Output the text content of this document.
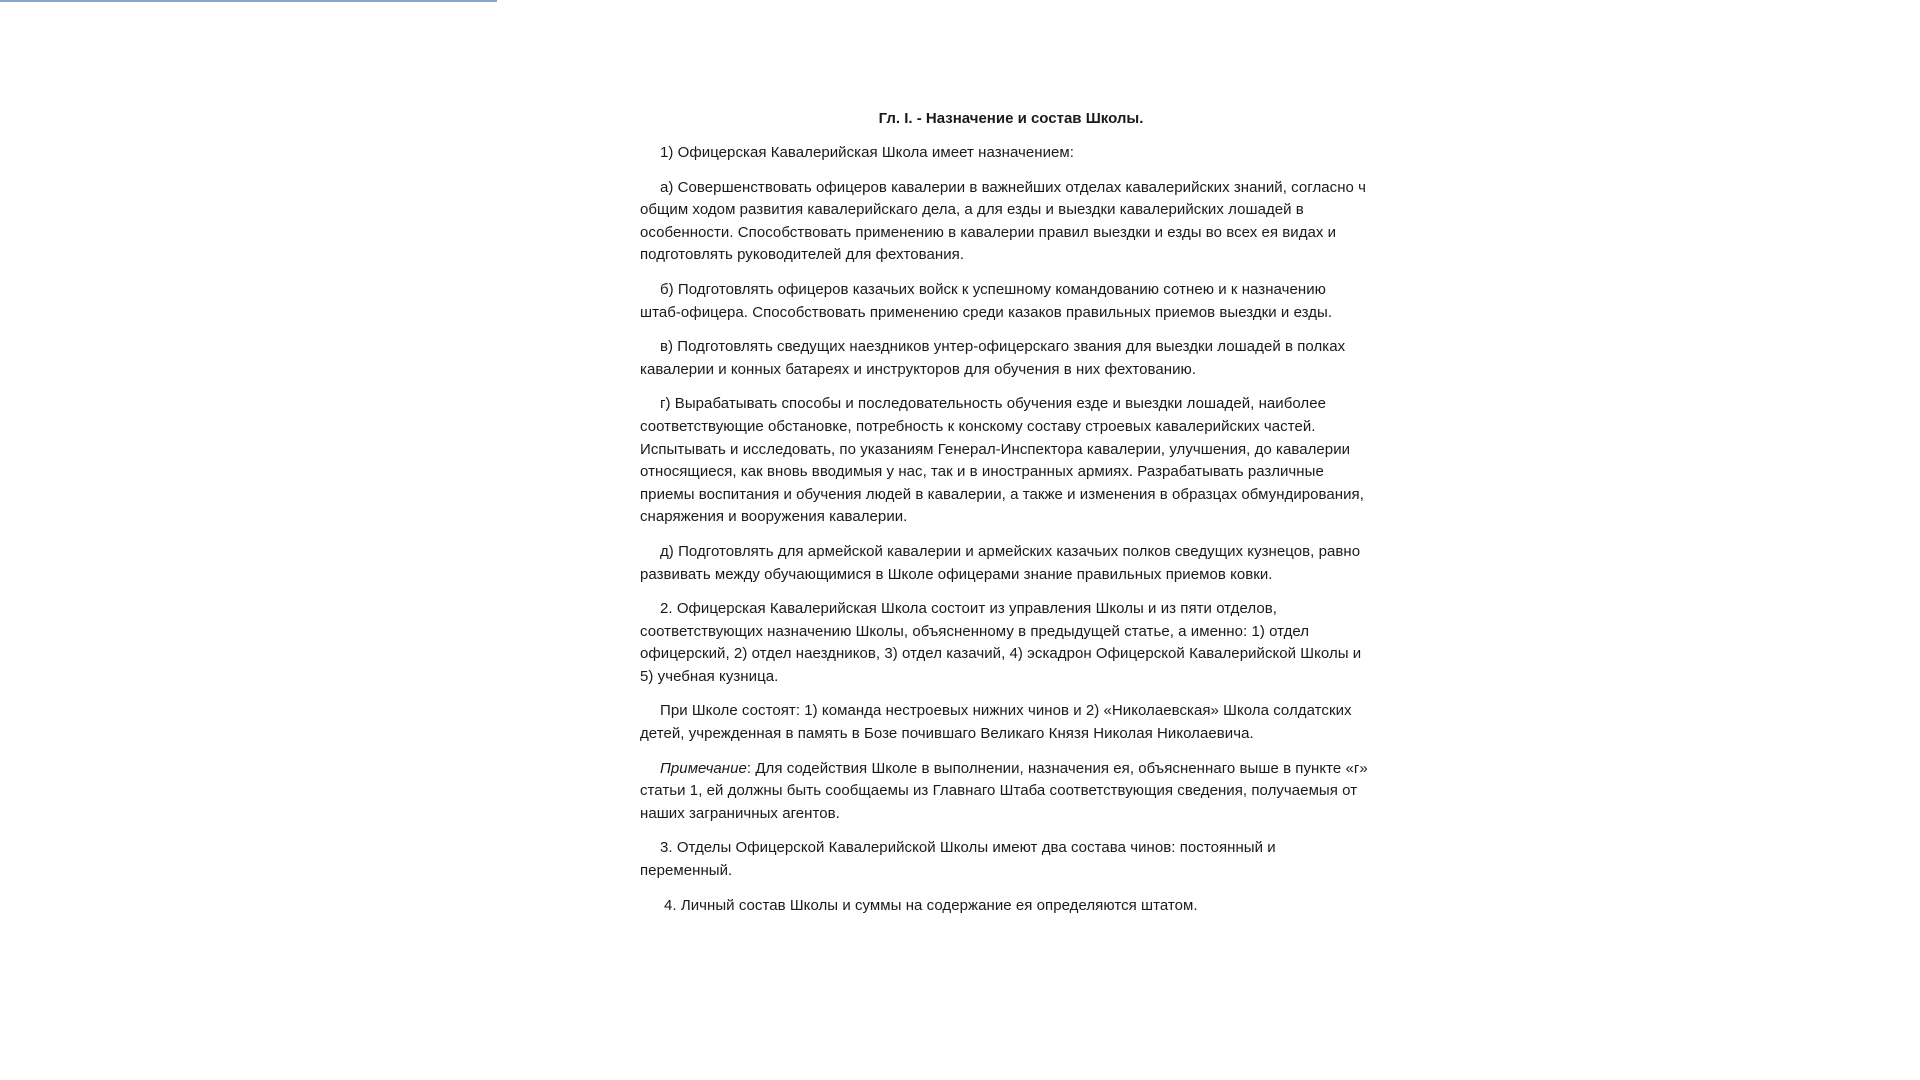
Гл. I. - Назначение и состав Школы.

1) Офицерская Кавалерийская Школа имеет назначением:

а) Совершенствовать офицеров кавалерии в важнейших отделах кавалерийских знаний, согласно ч общим ходом развития кавалерийскаго дела, а для езды и выездки кавалерийских лошадей в особенности. Способствовать применению в кавалерии правил выездки и езды во всех ея видах и подготовлять руководителей для фехтования.

б) Подготовлять офицеров казачьих войск к успешному командованию сотнею и к назначению штаб-офицера. Способствовать применению среди казаков правильных приемов выездки и езды.

в) Подготовлять сведущих наездников унтер-офицерскаго звания для выездки лошадей в полках кавалерии и конных батареях и инструкторов для обучения в них фехтованию.

г) Вырабатывать способы и последовательность обучения езде и выездки лошадей, наиболее соответствующие обстановке, потребность к конскому составу строевых кавалерийских частей. Испытывать и исследовать, по указаниям Генерал-Инспектора кавалерии, улучшения, до кавалерии относящиеся, как вновь вводимыя у нас, так и в иностранных армиях. Разрабатывать различные приемы воспитания и обучения людей в кавалерии, а также и изменения в образцах обмундирования, снаряжения и вооружения кавалерии.

д) Подготовлять для армейской кавалерии и армейских казачьих полков сведущих кузнецов, равно развивать между обучающимися в Школе офицерами знание правильных приемов ковки.

2. Офицерская Кавалерийская Школа состоит из управления Школы и из пяти отделов, соответствующих назначению Школы, объясненному в предыдущей статье, а именно: 1) отдел офицерский, 2) отдел наездников, 3) отдел казачий, 4) эскадрон Офицерской Кавалерийской Школы и 5) учебная кузница.

При Школе состоят: 1) команда нестроевых нижних чинов и 2) «Николаевская» Школа солдатских детей, учрежденная в память в Бозе почившаго Великаго Князя Николая Николаевича.

Примечание: Для содействия Школе в выполнении, назначения ея, объясненнаго выше в пункте «г» статьи 1, ей должны быть сообщаемы из Главнаго Штаба соответствующия сведения, получаемыя от наших заграничных агентов.

3. Отделы Офицерской Кавалерийской Школы имеют два состава чинов: постоянный и переменный.

4. Личный состав Школы и суммы на содержание ея определяются штатом.
